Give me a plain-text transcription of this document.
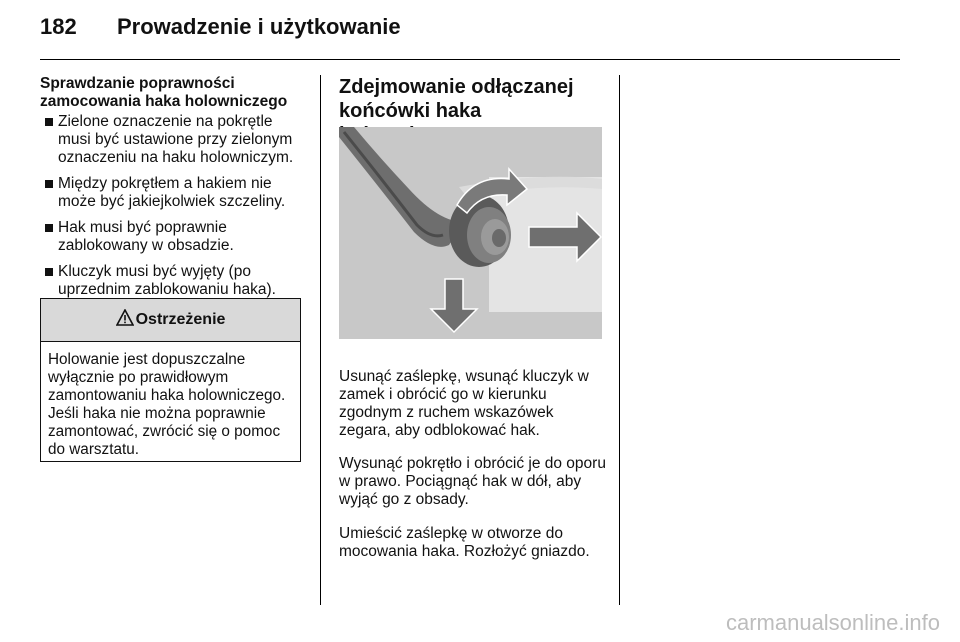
182 Prowadzenie i użytkowanie
Sprawdzanie poprawności zamocowania haka holowniczego
Zielone oznaczenie na pokrętle musi być ustawione przy zielonym oznaczeniu na haku holowniczym.
Między pokrętłem a hakiem nie może być jakiejkolwiek szczeliny.
Hak musi być poprawnie zablokowany w obsadzie.
Kluczyk musi być wyjęty (po uprzednim zablokowaniu haka).
Ostrzeżenie
Holowanie jest dopuszczalne wyłącznie po prawidłowym zamontowaniu haka holowniczego. Jeśli haka nie można poprawnie zamontować, zwrócić się o pomoc do warsztatu.
Zdejmowanie odłączanej końcówki haka

Usunąć zaślepkę, wsunąć kluczyk w zamek i obrócić go w kierunku zgodnym z ruchem wskazówek zegara, aby odblokować hak.

Wysunąć pokrętło i obrócić je do oporu w prawo. Pociągnąć hak w dół, aby wyjąć go z obsady.

Umieścić zaślepkę w otworze do mocowania haka. Rozłożyć gniazdo.

carmanualsonline.info
